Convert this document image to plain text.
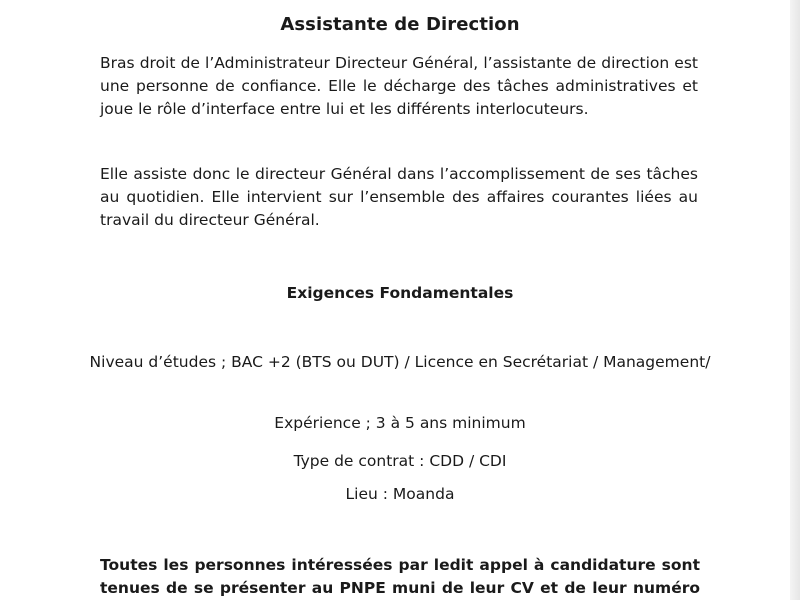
Assistante de Direction

Bras droit de l’Administrateur Directeur Général, l’assistante de direction est une personne de confiance. Elle le décharge des tâches administratives et joue le rôle d’interface entre lui et les différents interlocuteurs.

Elle assiste donc le directeur Général dans l’accomplissement de ses tâches au quotidien. Elle intervient sur l’ensemble des affaires courantes liées au travail du directeur Général.

Exigences Fondamentales

Niveau d’études ; BAC +2 (BTS ou DUT) / Licence en Secrétariat / Management/

Expérience ; 3 à 5 ans minimum

Type de contrat : CDD / CDI

Lieu : Moanda

Toutes les personnes intéressées par ledit appel à candidature sont
tenues de se présenter au PNPE muni de leur CV et de leur numéro
